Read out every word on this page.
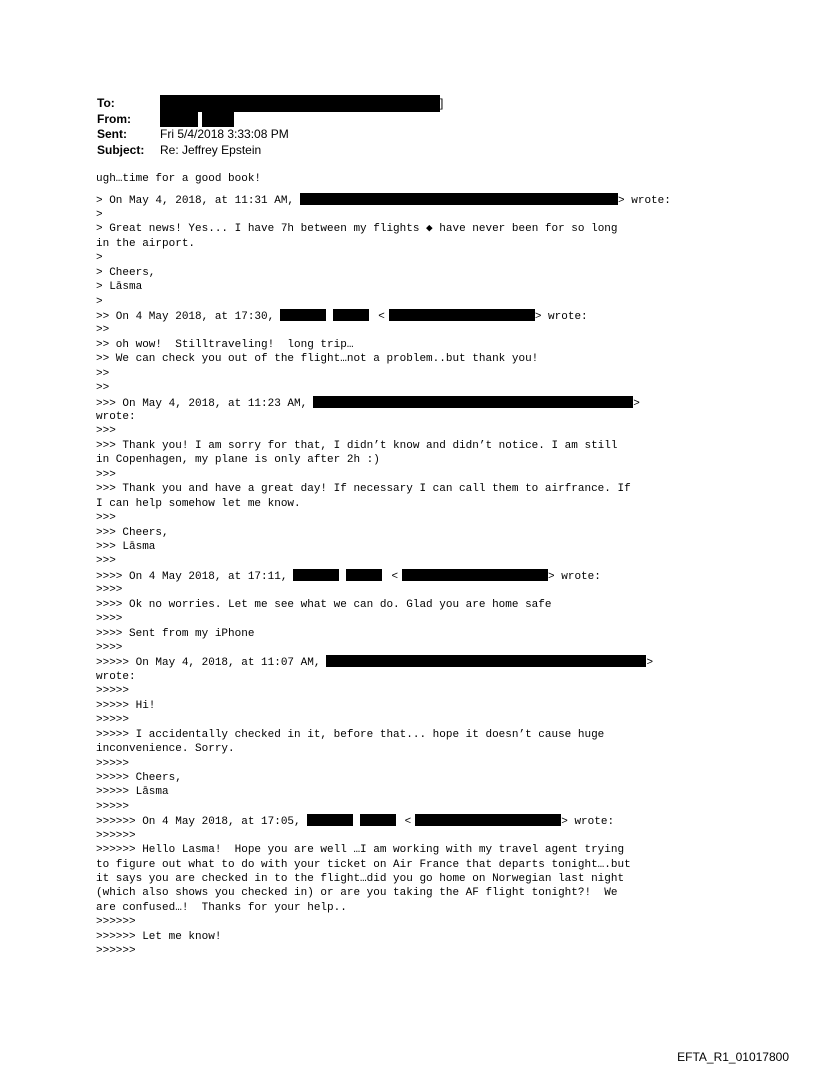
To:
From:
Sent:	Fri 5/4/2018 3:33:08 PM
Subject: Re: Jeffrey Epstein
]
ugh…time for a good book!
> On May 4, 2018, at 11:31 AM,	> wrote:
>
> Great news! Yes... I have 7h between my flights ◆ have never been for so long
in the airport.
>
> Cheers,
> Lāsma
>
>> On 4 May 2018, at 17:30,	<	> wrote:
>>
>> oh wow!  Stilltraveling!  long trip…
>> We can check you out of the flight…not a problem..but thank you!
>>
>>
>>> On May 4, 2018, at 11:23 AM,	>
wrote:
>>>
>>> Thank you! I am sorry for that, I didn’t know and didn’t notice. I am still
in Copenhagen, my plane is only after 2h :)
>>>
>>> Thank you and have a great day! If necessary I can call them to airfrance. If
I can help somehow let me know.
>>>
>>> Cheers,
>>> Lāsma
>>>
>>>> On 4 May 2018, at 17:11,	<	> wrote:
>>>>
>>>> Ok no worries. Let me see what we can do. Glad you are home safe
>>>>
>>>> Sent from my iPhone
>>>>
>>>>> On May 4, 2018, at 11:07 AM,	>
wrote:
>>>>>
>>>>> Hi!
>>>>>
>>>>> I accidentally checked in it, before that... hope it doesn’t cause huge
inconvenience. Sorry.
>>>>>
>>>>> Cheers,
>>>>> Lāsma
>>>>>
>>>>>> On 4 May 2018, at 17:05,	<	> wrote:
>>>>>>
>>>>>> Hello Lasma!  Hope you are well …I am working with my travel agent trying
to figure out what to do with your ticket on Air France that departs tonight….but
it says you are checked in to the flight…did you go home on Norwegian last night
(which also shows you checked in) or are you taking the AF flight tonight?!  We
are confused…!  Thanks for your help..
>>>>>>
>>>>>> Let me know!
>>>>>>
EFTA_R1_01017800
